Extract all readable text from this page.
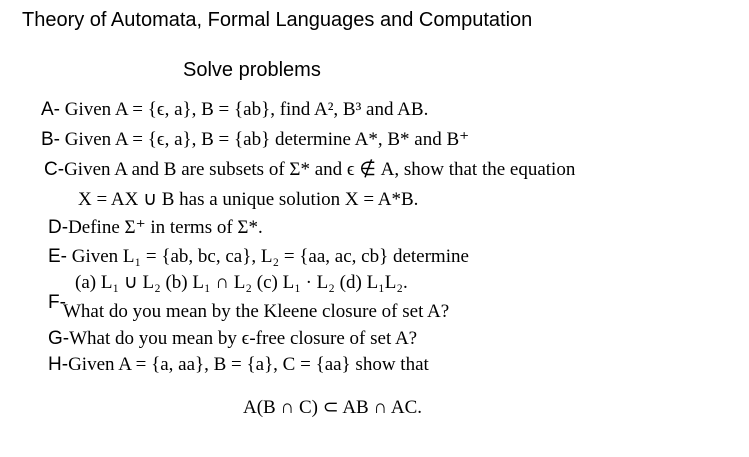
Theory of Automata, Formal Languages and Computation
Solve problems
A- Given A = {ϵ, a}, B = {ab}, find A², B³ and AB.
B- Given A = {ϵ, a}, B = {ab} determine A*, B* and B⁺
C-Given A and B are subsets of Σ* and ϵ ∉ A, show that the equation
X = AX ∪ B has a unique solution X = A*B.
D-Define Σ⁺ in terms of Σ*.
E- Given L₁ = {ab, bc, ca}, L₂ = {aa, ac, cb} determine
(a) L₁ ∪ L₂ (b) L₁ ∩ L₂ (c) L₁ · L₂ (d) L₁L₂.
F-
What do you mean by the Kleene closure of set A?
G-What do you mean by ϵ-free closure of set A?
H-Given A = {a, aa}, B = {a}, C = {aa} show that
A(B ∩ C) ⊂ AB ∩ AC.
